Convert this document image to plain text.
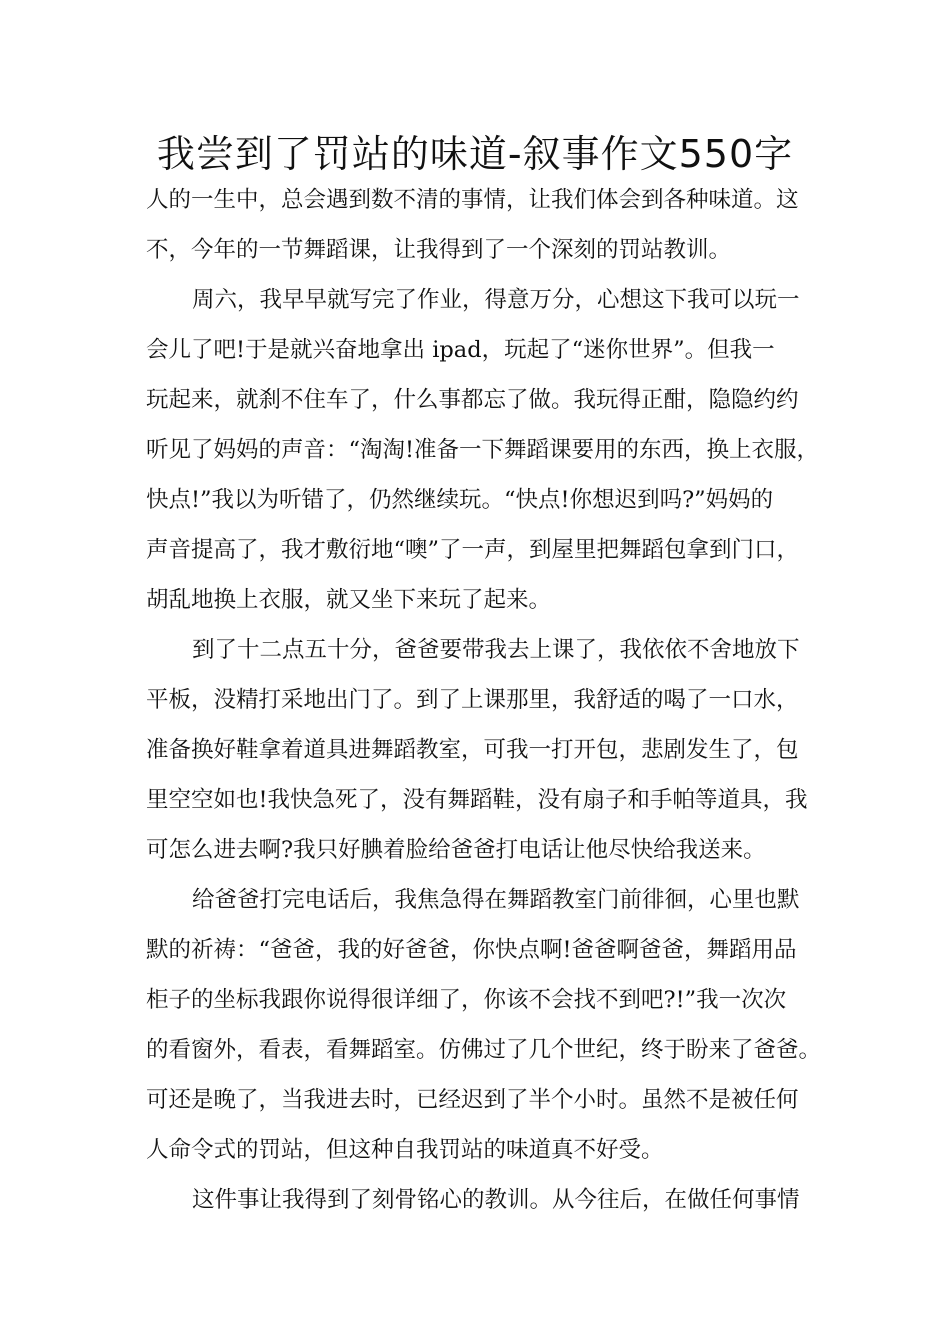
我尝到了罚站的味道-叙事作文550字
人的一生中，总会遇到数不清的事情，让我们体会到各种味道。这
不，今年的一节舞蹈课，让我得到了一个深刻的罚站教训。
周六，我早早就写完了作业，得意万分，心想这下我可以玩一
会儿了吧!于是就兴奋地拿出 ipad，玩起了“迷你世界”。但我一
玩起来，就刹不住车了，什么事都忘了做。我玩得正酣，隐隐约约
听见了妈妈的声音：“淘淘!准备一下舞蹈课要用的东西，换上衣服，
快点!”我以为听错了，仍然继续玩。“快点!你想迟到吗?”妈妈的
声音提高了，我才敷衍地“噢”了一声，到屋里把舞蹈包拿到门口，
胡乱地换上衣服，就又坐下来玩了起来。
到了十二点五十分，爸爸要带我去上课了，我依依不舍地放下
平板，没精打采地出门了。到了上课那里，我舒适的喝了一口水，
准备换好鞋拿着道具进舞蹈教室，可我一打开包，悲剧发生了，包
里空空如也!我快急死了，没有舞蹈鞋，没有扇子和手帕等道具，我
可怎么进去啊?我只好腆着脸给爸爸打电话让他尽快给我送来。
给爸爸打完电话后，我焦急得在舞蹈教室门前徘徊，心里也默
默的祈祷：“爸爸，我的好爸爸，你快点啊!爸爸啊爸爸，舞蹈用品
柜子的坐标我跟你说得很详细了，你该不会找不到吧?!”我一次次
的看窗外，看表，看舞蹈室。仿佛过了几个世纪，终于盼来了爸爸。
可还是晚了，当我进去时，已经迟到了半个小时。虽然不是被任何
人命令式的罚站，但这种自我罚站的味道真不好受。
这件事让我得到了刻骨铭心的教训。从今往后，在做任何事情
